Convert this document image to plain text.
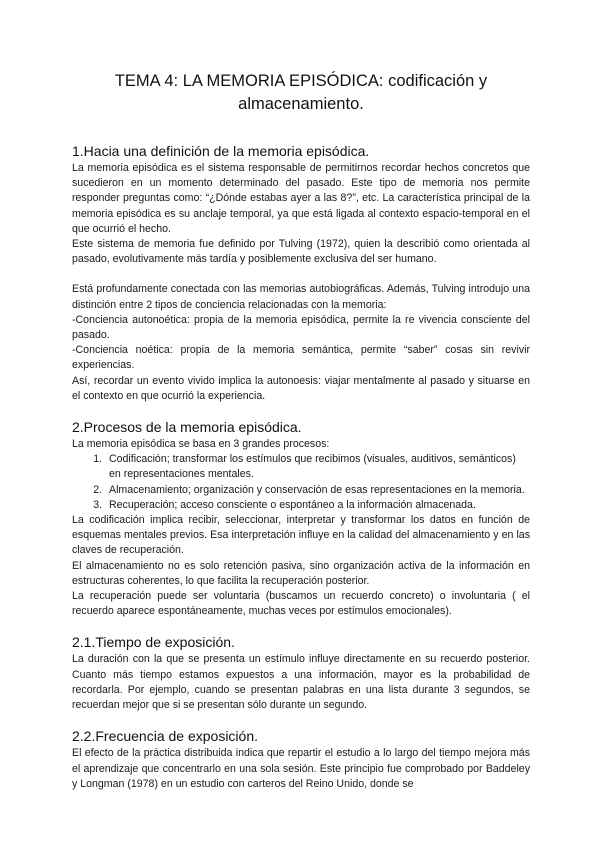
TEMA 4: LA MEMORIA EPISÓDICA: codificación y almacenamiento.
1.Hacia una definición de la memoria episódica.

La memoria episódica es el sistema responsable de permitirnos recordar hechos concretos que sucedieron en un momento determinado del pasado. Este tipo de memoria nos permite responder preguntas como: “¿Dónde estabas ayer a las 8?”, etc. La característica principal de la memoria episódica es su anclaje temporal, ya que está ligada al contexto espacio-temporal en el que ocurrió el hecho.

Este sistema de memoria fue definido por Tulving (1972), quien la describió como orientada al pasado, evolutivamente más tardía y posiblemente exclusiva del ser humano.

Está profundamente conectada con las memorias autobiográficas. Además, Tulving introdujo una distinción entre 2 tipos de conciencia relacionadas con la memoria:

-Conciencia autonoética: propia de la memoria episódica, permite la re vivencia consciente del pasado.

-Conciencia noética: propia de la memoria semántica, permite “saber” cosas sin revivir experiencias.

Así, recordar un evento vivido implica la autonoesis: viajar mentalmente al pasado y situarse en el contexto en que ocurrió la experiencia.

2.Procesos de la memoria episódica.

La memoria episódica se basa en 3 grandes procesos:

1. Codificación; transformar los estímulos que recibimos (visuales, auditivos, semánticos) en representaciones mentales.
2. Almacenamiento; organización y conservación de esas representaciones en la memoria.
3. Recuperación; acceso consciente o espontáneo a la información almacenada.

La codificación implica recibir, seleccionar, interpretar y transformar los datos en función de esquemas mentales previos. Esa interpretación influye en la calidad del almacenamiento y en las claves de recuperación.

El almacenamiento no es solo retención pasiva, sino organización activa de la información en estructuras coherentes, lo que facilita la recuperación posterior.

La recuperación puede ser voluntaria (buscamos un recuerdo concreto) o involuntaria ( el recuerdo aparece espontáneamente, muchas veces por estímulos emocionales).

2.1.Tiempo de exposición.

La duración con la que se presenta un estímulo influye directamente en su recuerdo posterior. Cuanto más tiempo estamos expuestos a una información, mayor es la probabilidad de recordarla. Por ejemplo, cuando se presentan palabras en una lista durante 3 segundos, se recuerdan mejor que si se presentan sólo durante un segundo.

2.2.Frecuencia de exposición.

El efecto de la práctica distribuida indica que repartir el estudio a lo largo del tiempo mejora más el aprendizaje que concentrarlo en una sola sesión. Este principio fue comprobado por Baddeley y Longman (1978) en un estudio con carteros del Reino Unido, donde se
